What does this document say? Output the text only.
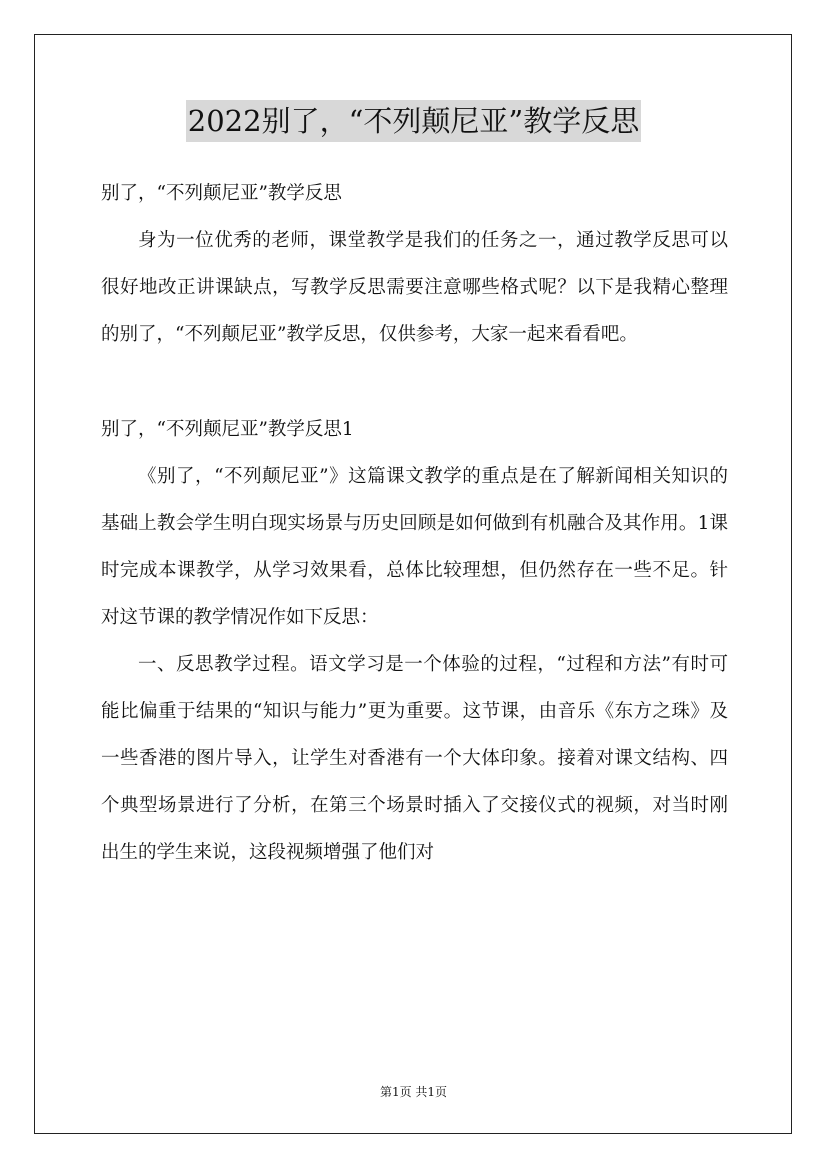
2022别了，“不列颠尼亚”教学反思

别了，“不列颠尼亚”教学反思

身为一位优秀的老师，课堂教学是我们的任务之一，通过教学反思可以很好地改正讲课缺点，写教学反思需要注意哪些格式呢？以下是我精心整理的别了，“不列颠尼亚”教学反思，仅供参考，大家一起来看看吧。

别了，“不列颠尼亚”教学反思1

《别了，“不列颠尼亚”》这篇课文教学的重点是在了解新闻相关知识的基础上教会学生明白现实场景与历史回顾是如何做到有机融合及其作用。1课时完成本课教学，从学习效果看，总体比较理想，但仍然存在一些不足。针对这节课的教学情况作如下反思：

一、反思教学过程。语文学习是一个体验的过程，“过程和方法”有时可能比偏重于结果的“知识与能力”更为重要。这节课，由音乐《东方之珠》及一些香港的图片导入，让学生对香港有一个大体印象。接着对课文结构、四个典型场景进行了分析，在第三个场景时插入了交接仪式的视频，对当时刚出生的学生来说，这段视频增强了他们对

第1页 共1页
